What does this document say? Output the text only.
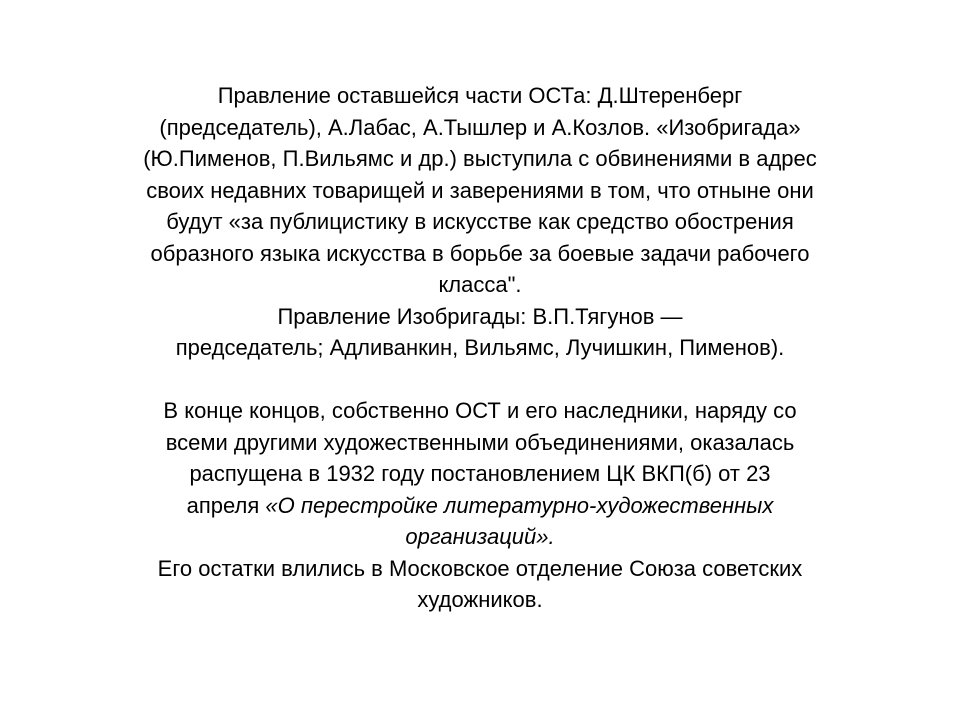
Правление оставшейся части ОСТа: Д.Штеренберг
(председатель), А.Лабас, А.Тышлер и А.Козлов. «Изобригада»
(Ю.Пименов, П.Вильямс и др.) выступила с обвинениями в адрес
своих недавних товарищей и заверениями в том, что отныне они
будут «за публицистику в искусстве как средство обострения
образного языка искусства в борьбе за боевые задачи рабочего
класса".

Правление Изобригады: В.П.Тягунов —
председатель; Адливанкин, Вильямс, Лучишкин, Пименов).

В конце концов, собственно ОСТ и его наследники, наряду со
всеми другими художественными объединениями, оказалась
распущена в 1932 году постановлением ЦК ВКП(б) от 23
апреля «О перестройке литературно-художественных
организаций».

Его остатки влились в Московское отделение Союза советских
художников.
